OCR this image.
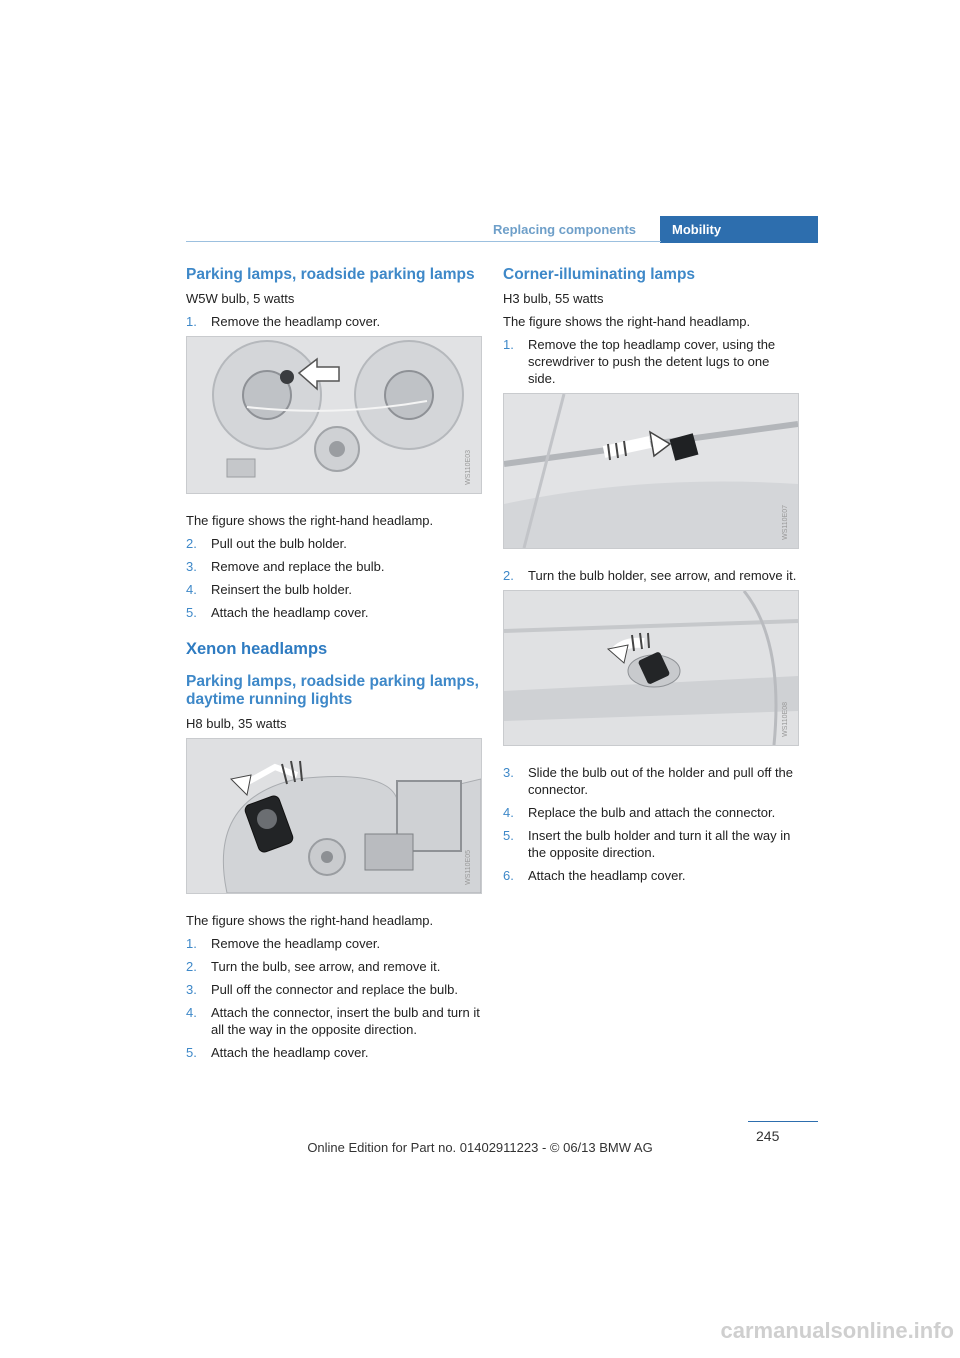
Replacing components	Mobility
Parking lamps, roadside parking lamps

W5W bulb, 5 watts

1. Remove the headlamp cover.
WS110E03

The figure shows the right-hand headlamp.

2. Pull out the bulb holder.
3. Remove and replace the bulb.
4. Reinsert the bulb holder.
5. Attach the headlamp cover.
Xenon headlamps
Parking lamps, roadside parking lamps, daytime running lights

H8 bulb, 35 watts

WS110E05

The figure shows the right-hand headlamp.

1. Remove the headlamp cover.
2. Turn the bulb, see arrow, and remove it.
3. Pull off the connector and replace the bulb.
4. Attach the connector, insert the bulb and turn it all the way in the opposite direction.
5. Attach the headlamp cover.
Corner-illuminating lamps

H3 bulb, 55 watts

The figure shows the right-hand headlamp.

1. Remove the top headlamp cover, using the screwdriver to push the detent lugs to one side.
WS110E07
2. Turn the bulb holder, see arrow, and remove it.
WS110E08
3. Slide the bulb out of the holder and pull off the connector.
4. Replace the bulb and attach the connector.
5. Insert the bulb holder and turn it all the way in the opposite direction.
6. Attach the headlamp cover.
245
Online Edition for Part no. 01402911223 - © 06/13 BMW AG
carmanualsonline.info
